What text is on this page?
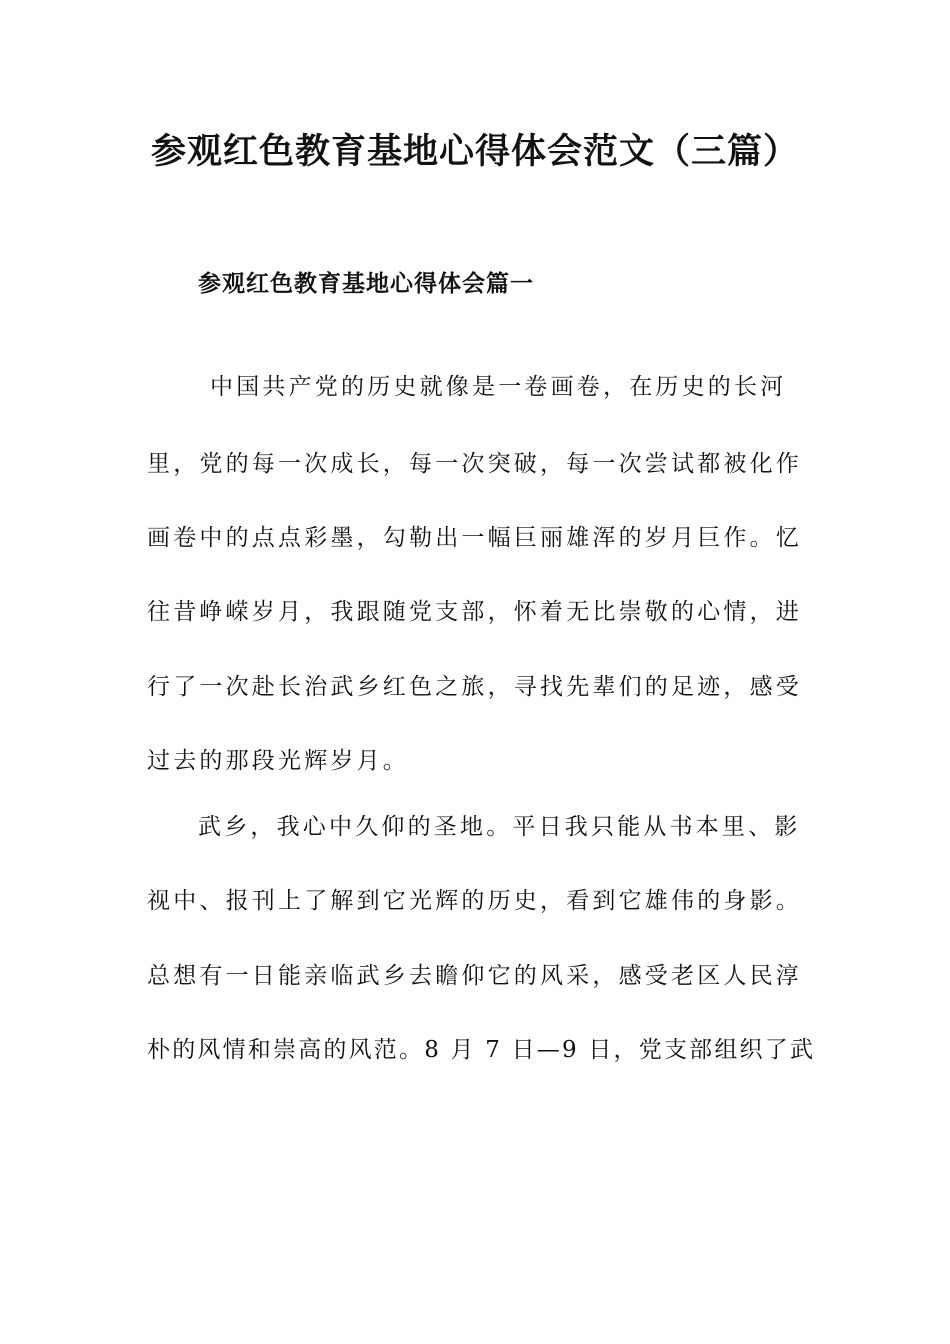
参观红色教育基地心得体会范文（三篇）
参观红色教育基地心得体会篇一
中国共产党的历史就像是一卷画卷，在历史的长河
里，党的每一次成长，每一次突破，每一次尝试都被化作
画卷中的点点彩墨，勾勒出一幅巨丽雄浑的岁月巨作。忆
往昔峥嵘岁月，我跟随党支部，怀着无比崇敬的心情，进
行了一次赴长治武乡红色之旅，寻找先辈们的足迹，感受
过去的那段光辉岁月。
武乡，我心中久仰的圣地。平日我只能从书本里、影
视中、报刊上了解到它光辉的历史，看到它雄伟的身影。
总想有一日能亲临武乡去瞻仰它的风采，感受老区人民淳
朴的风情和崇高的风范。8 月 7 日—9 日，党支部组织了武
